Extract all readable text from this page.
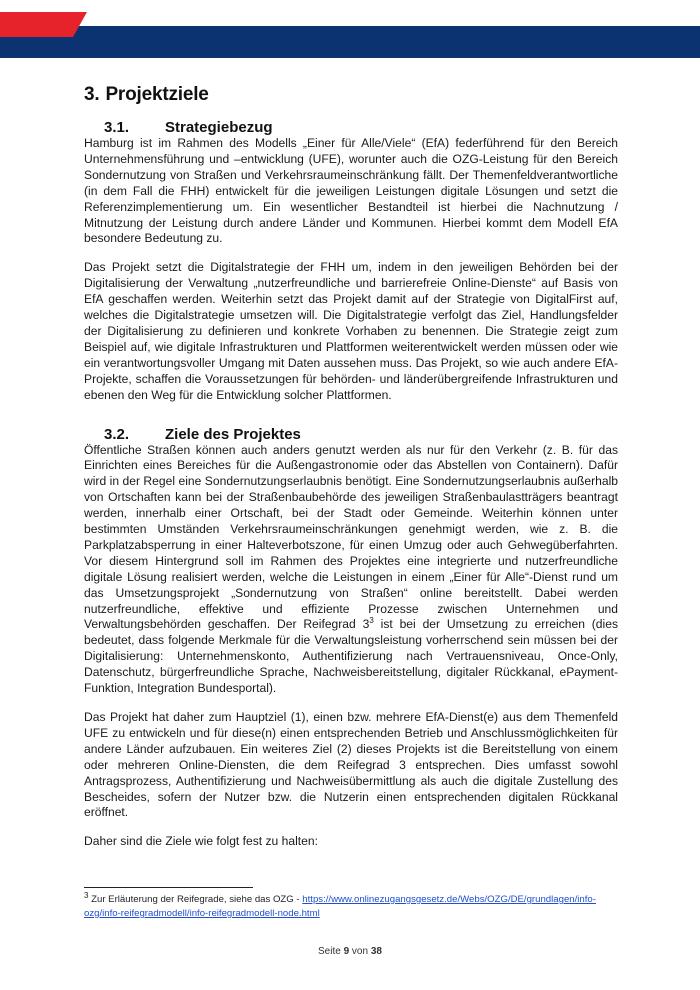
3. Projektziele
3.1. Strategiebezug

Hamburg ist im Rahmen des Modells „Einer für Alle/Viele“ (EfA) federführend für den Bereich Unternehmensführung und –entwicklung (UFE), worunter auch die OZG-Leistung für den Bereich Sondernutzung von Straßen und Verkehrsraumeinschränkung fällt. Der Themenfeldverantwortliche (in dem Fall die FHH) entwickelt für die jeweiligen Leistungen digitale Lösungen und setzt die Referenzimplementierung um. Ein wesentlicher Bestandteil ist hierbei die Nachnutzung / Mitnutzung der Leistung durch andere Länder und Kommunen. Hierbei kommt dem Modell EfA besondere Bedeutung zu.

Das Projekt setzt die Digitalstrategie der FHH um, indem in den jeweiligen Behörden bei der Digitalisierung der Verwaltung „nutzerfreundliche und barrierefreie Online-Dienste“ auf Basis von EfA geschaffen werden. Weiterhin setzt das Projekt damit auf der Strategie von DigitalFirst auf, welches die Digitalstrategie umsetzen will. Die Digitalstrategie verfolgt das Ziel, Handlungsfelder der Digitalisierung zu definieren und konkrete Vorhaben zu benennen. Die Strategie zeigt zum Beispiel auf, wie digitale Infrastrukturen und Plattformen weiterentwickelt werden müssen oder wie ein verantwortungsvoller Umgang mit Daten aussehen muss. Das Projekt, so wie auch andere EfA-Projekte, schaffen die Voraussetzungen für behörden- und länderübergreifende Infrastrukturen und ebenen den Weg für die Entwicklung solcher Plattformen.

3.2. Ziele des Projektes

Öffentliche Straßen können auch anders genutzt werden als nur für den Verkehr (z. B. für das Einrichten eines Bereiches für die Außengastronomie oder das Abstellen von Containern). Dafür wird in der Regel eine Sondernutzungserlaubnis benötigt. Eine Sondernutzungserlaubnis außerhalb von Ortschaften kann bei der Straßenbaubehörde des jeweiligen Straßenbaulastträgers beantragt werden, innerhalb einer Ortschaft, bei der Stadt oder Gemeinde. Weiterhin können unter bestimmten Umständen Verkehrsraumeinschränkungen genehmigt werden, wie z. B. die Parkplatzabsperrung in einer Halteverbotszone, für einen Umzug oder auch Gehwegüberfahrten. Vor diesem Hintergrund soll im Rahmen des Projektes eine integrierte und nutzerfreundliche digitale Lösung realisiert werden, welche die Leistungen in einem „Einer für Alle“-Dienst rund um das Umsetzungsprojekt „Sondernutzung von Straßen“ online bereitstellt. Dabei werden nutzerfreundliche, effektive und effiziente Prozesse zwischen Unternehmen und Verwaltungsbehörden geschaffen. Der Reifegrad $3^3$ ist bei der Umsetzung zu erreichen (dies bedeutet, dass folgende Merkmale für die Verwaltungsleistung vorherrschend sein müssen bei der Digitalisierung: Unternehmenskonto, Authentifizierung nach Vertrauensniveau, Once-Only, Datenschutz, bürgerfreundliche Sprache, Nachweisbereitstellung, digitaler Rückkanal, ePayment-Funktion, Integration Bundesportal).

Das Projekt hat daher zum Hauptziel (1), einen bzw. mehrere EfA-Dienst(e) aus dem Themenfeld UFE zu entwickeln und für diese(n) einen entsprechenden Betrieb und Anschlussmöglichkeiten für andere Länder aufzubauen. Ein weiteres Ziel (2) dieses Projekts ist die Bereitstellung von einem oder mehreren Online-Diensten, die dem Reifegrad 3 entsprechen. Dies umfasst sowohl Antragsprozess, Authentifizierung und Nachweisübermittlung als auch die digitale Zustellung des Bescheides, sofern der Nutzer bzw. die Nutzerin einen entsprechenden digitalen Rückkanal eröffnet.

Daher sind die Ziele wie folgt fest zu halten:

$^3$ Zur Erläuterung der Reifegrade, siehe das OZG - https://www.onlinezugangsgesetz.de/Webs/OZG/DE/grundlagen/info-ozg/info-reifegradmodell/info-reifegradmodell-node.html
Seite 9 von 38
